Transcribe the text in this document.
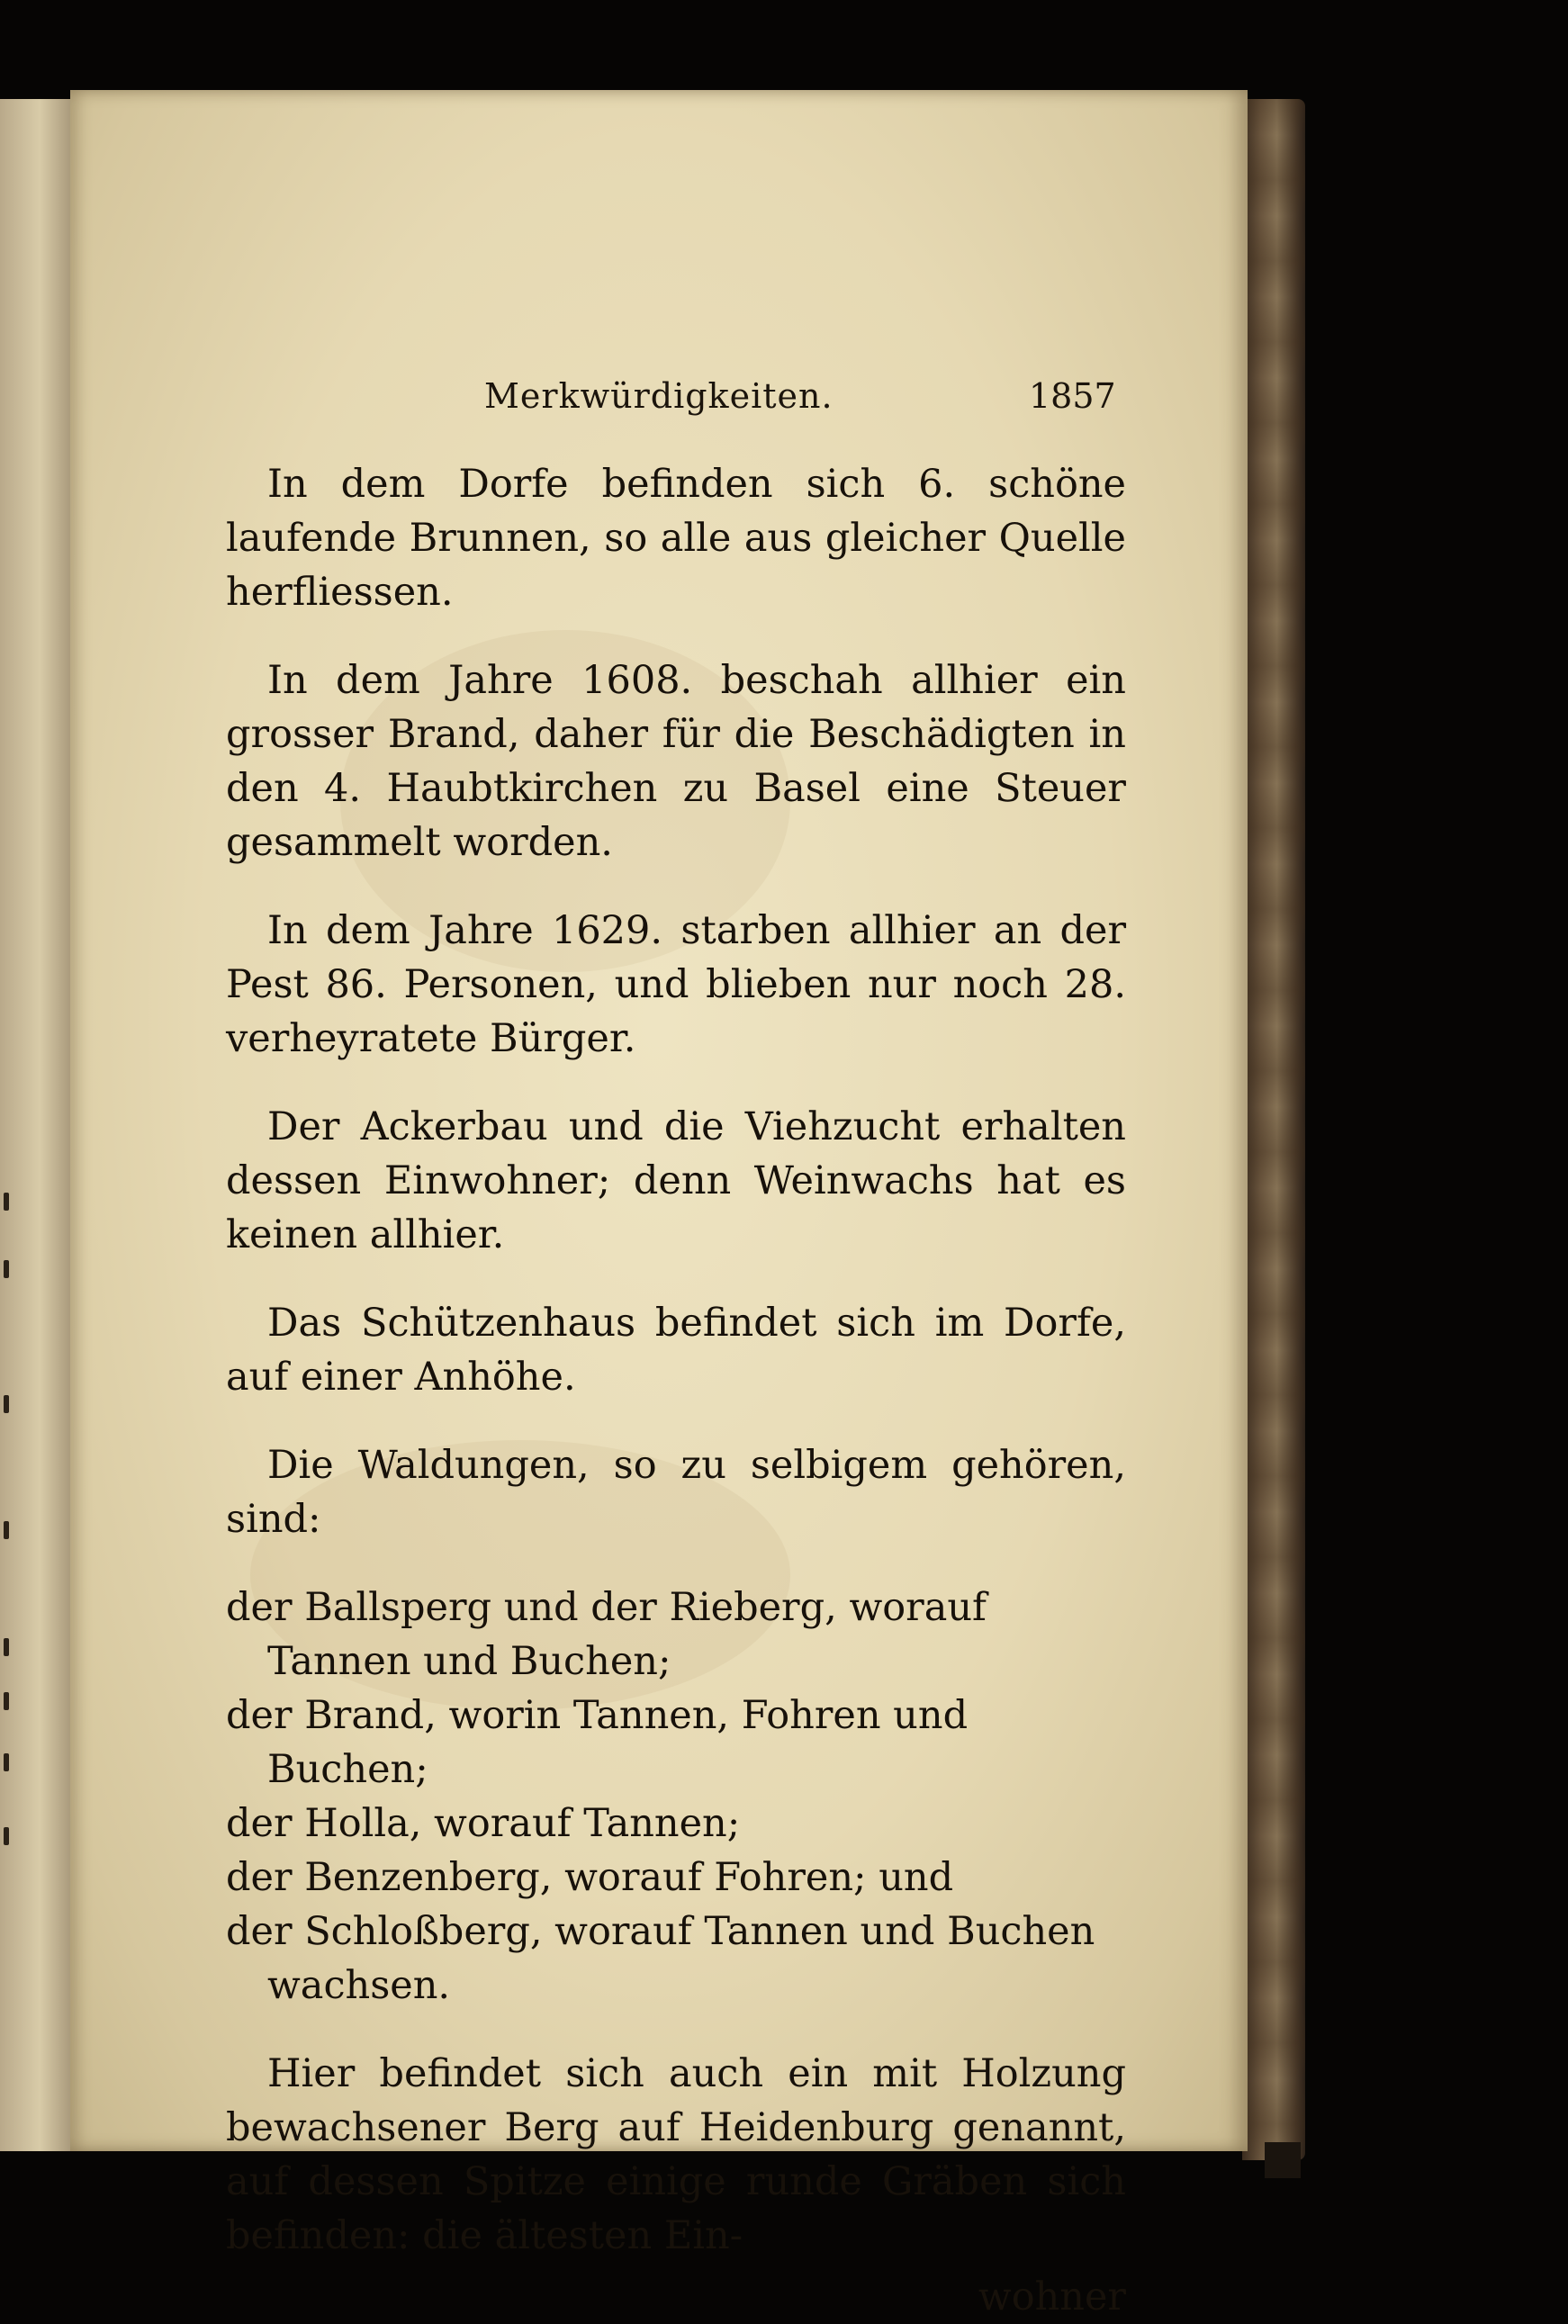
Merkwürdigkeiten.	1857

In dem Dorfe befinden sich 6. schöne laufende Brunnen, so alle aus gleicher Quelle herfliessen.

In dem Jahre 1608. beschah allhier ein grosser Brand, daher für die Beschädigten in den 4. Haubtkirchen zu Basel eine Steuer gesammelt worden.

In dem Jahre 1629. starben allhier an der Pest 86. Personen, und blieben nur noch 28. verheyratete Bürger.

Der Ackerbau und die Viehzucht erhalten dessen Einwohner; denn Weinwachs hat es keinen allhier.

Das Schützenhaus befindet sich im Dorfe, auf einer Anhöhe.

Die Waldungen, so zu selbigem gehören, sind:

der Ballsperg und der Rieberg, worauf Tannen und Buchen;
der Brand, worin Tannen, Fohren und Buchen;
der Holla, worauf Tannen;
der Benzenberg, worauf Fohren; und
der Schloßberg, worauf Tannen und Buchen wachsen.

Hier befindet sich auch ein mit Holzung bewachsener Berg auf Heidenburg genannt, auf dessen Spitze einige runde Gräben sich befinden: die ältesten Ein-

wohner
